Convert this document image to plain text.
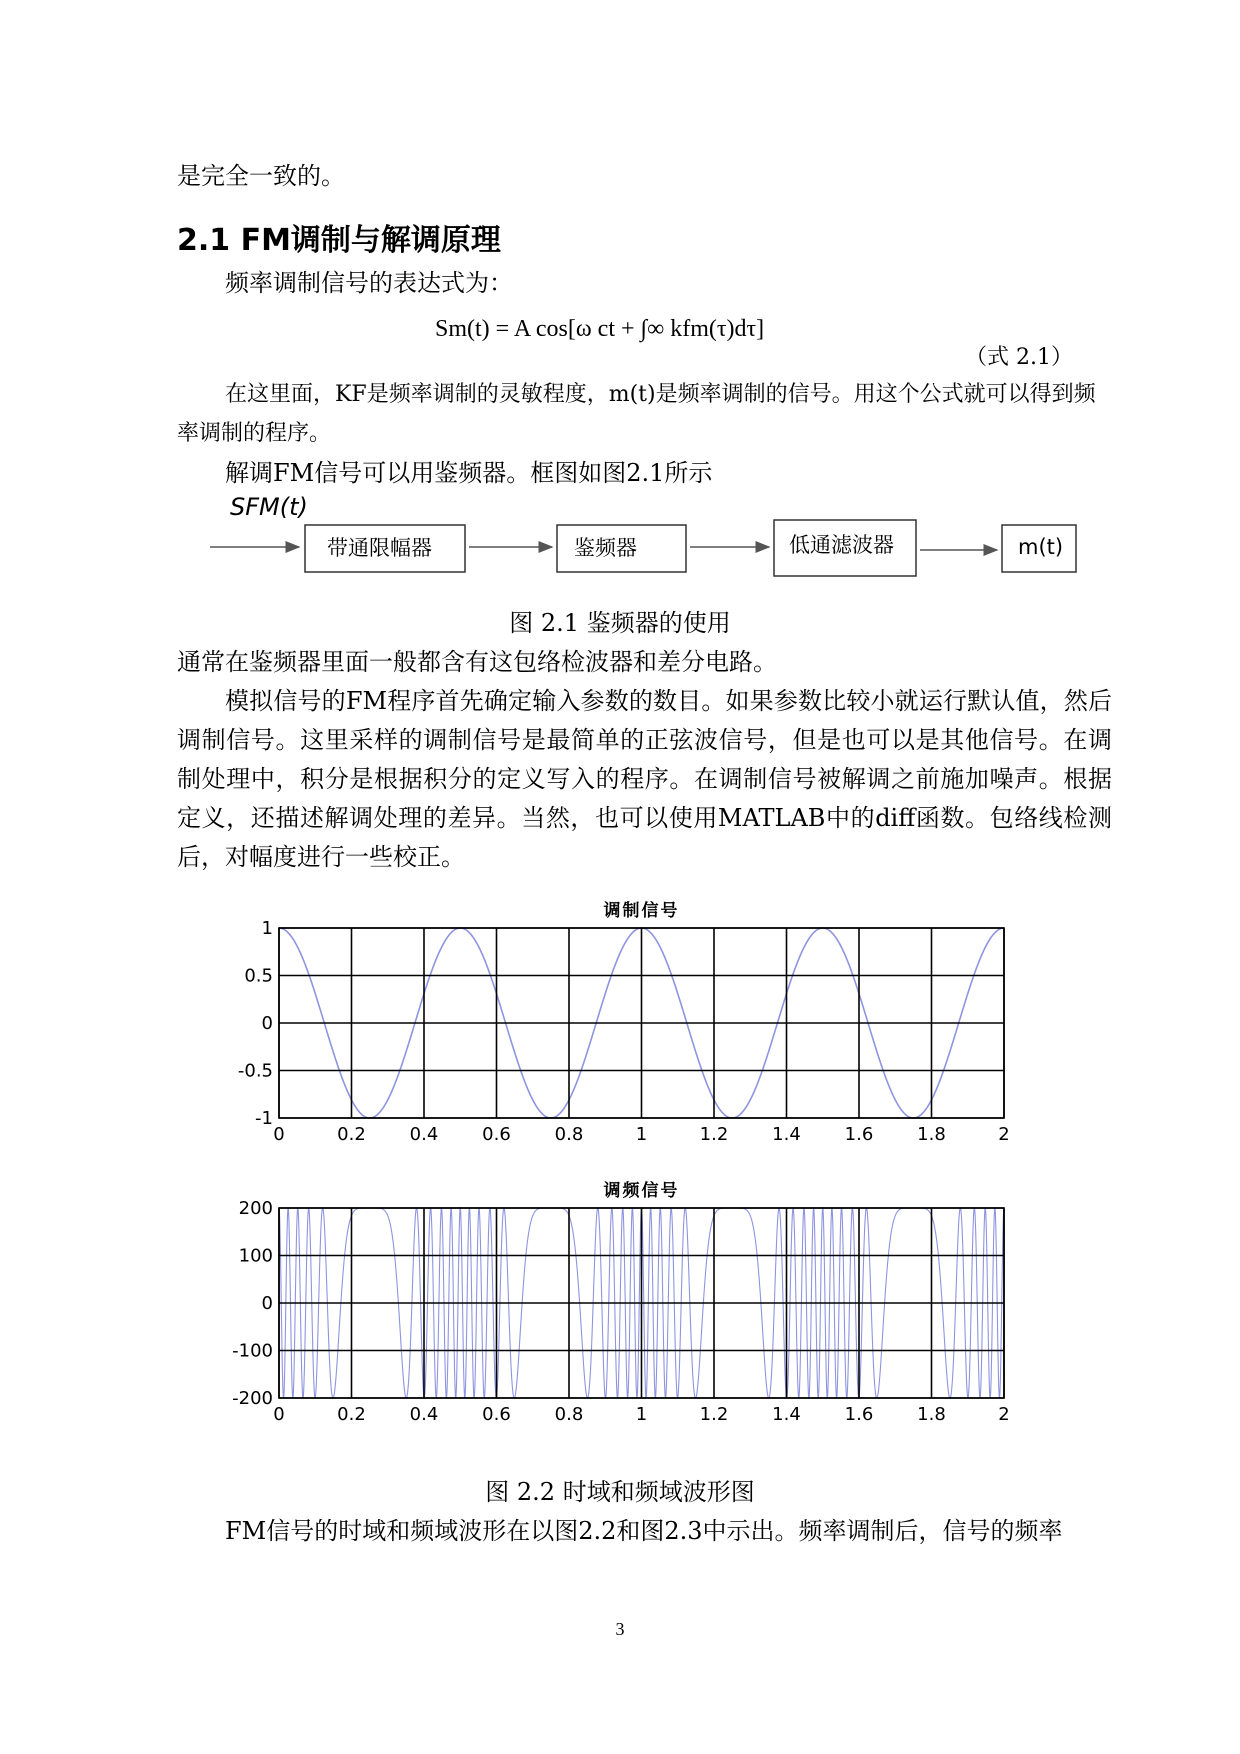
是完全一致的。
2.1 FM调制与解调原理
频率调制信号的表达式为：
Sm(t) = A cos[ω ct + ∫∞ kfm(τ)dτ]
（式 2.1）
在这里面，KF是频率调制的灵敏程度，m(t)是频率调制的信号。用这个公式就可以得到频率调制的程序。
解调FM信号可以用鉴频器。框图如图2.1所示
SFM(t)
带通限幅器	鉴频器	低通滤波器	m(t)
图 2.1 鉴频器的使用
通常在鉴频器里面一般都含有这包络检波器和差分电路。
模拟信号的FM程序首先确定输入参数的数目。如果参数比较小就运行默认值，然后调制信号。这里采样的调制信号是最简单的正弦波信号，但是也可以是其他信号。在调制处理中，积分是根据积分的定义写入的程序。在调制信号被解调之前施加噪声。根据定义，还描述解调处理的差异。当然，也可以使用MATLAB中的diff函数。包络线检测后，对幅度进行一些校正。
调制信号
0	0.2 0.4 0.6 0.8	1	1.2 1.4 1.6 1.8	2
1
0.5
0
-0.5
-1
调频信号
0	0.2 0.4 0.6 0.8	1	1.2 1.4 1.6 1.8	2
200
100
0
-100
-200
图 2.2 时域和频域波形图
FM信号的时域和频域波形在以图2.2和图2.3中示出。频率调制后，信号的频率
3
